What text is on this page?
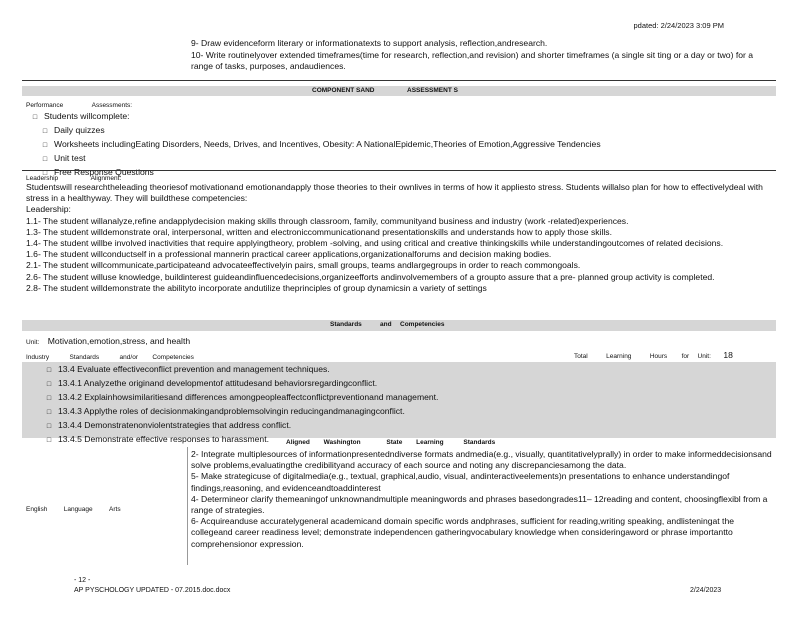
pdated: 2/24/2023 3:09 PM
9- Draw evidenceform literary or informationatexts to support analysis, reflection,andresearch.
10- Write routinelyover extended timeframes(time for research, reflection,and revision) and shorter timeframes (a single sit ting or a day or two) for a range of tasks, purposes, andaudiences.
COMPONENT SAND	ASSESSMENT S
Performance	Assessments:
□ Students willcomplete:
□ Daily quizzes
□ Worksheets includingEating Disorders, Needs, Drives, and Incentives, Obesity: A NationalEpidemic,Theories of Emotion,Aggressive Tendencies
□ Unit test
□ Free Response Questions
Leadership	Alignment:
Studentswill researchtheleading theoriesof motivationand emotionandapply those theories to their ownlives in terms of how it appliesto stress. Students willalso plan for how to effectivelydeal with stress in a healthyway. They will buildthese competencies:
Leadership:
1.1- The student willanalyze,refine andapplydecision making skills through classroom, family, communityand business and industry (work -related)experiences.
1.3- The student willdemonstrate oral, interpersonal, written and electroniccommunicationand presentationskills and understands how to apply those skills.
1.4- The student willbe involved inactivities that require applyingtheory, problem -solving, and using critical and creative thinkingskills while understandingoutcomes of related decisions.
1.6- The student willconductself in a professional mannerin practical career applications,organizationalforums and decision making bodies.
2.1- The student willcommunicate,participateand advocateeffectivelyin pairs, small groups, teams andlargegroups in order to reach commongoals.
2.6- The student willuse knowledge, buildinterest guideandinfluencedecisions,organizeefforts andinvolvemembers of a groupto assure that a pre- planned group activity is completed.
2.8- The student willdemonstrate the abilityto incorporate andutilize theprinciples of group dynamicsin a variety of settings
Standards	and Competencies
Unit: Motivation,emotion,stress, and health
Industry	Standards	and/or Competencies	Total	Learning	Hours for Unit: 18
□ 13.4 Evaluate effectiveconflict prevention and management techniques.
□ 13.4.1 Analyzethe originand developmentof attitudesand behaviorsregardingconflict.
□ 13.4.2 Explainhowsimilaritiesand differences amongpeopleaffectconflictpreventionand management.
□ 13.4.3 Applythe roles of decisionmakingandproblemsolvingin reducingandmanagingconflict.
□ 13.4.4 Demonstratenonviolentstrategies that address conflict.
□ 13.4.5 Demonstrate effective responses to harassment.	Aligned Washington	State Learning	Standards
English	Language	Arts
2- Integrate multiplesources of informationpresentedndiverse formats andmedia(e.g., visually, quantitativelyprally) in order to make informeddecisionsand solve problems,evaluatingthe credibilityand accuracy of each source and noting any discrepanciesamong the data.
5- Make strategicuse of digitalmedia(e.g., textual, graphical,audio, visual, andinteractiveelements)n presentations to enhance understandingof findings,reasoning, and evidenceandtoaddinterest
4- Determineor clarify themeaningof unknownandmultiple meaningwords and phrases basedongrades11– 12reading and content, choosingflexibl from a range of strategies.
6- Acquireanduse accuratelygeneral academicand domain specific words andphrases, sufficient for reading,writing speaking, andlisteningat the collegeand career readiness level; demonstrate independencen gatheringvocabulary knowledge when consideringaword or phrase importantto comprehensionor expression.
- 12 -
AP PYSCHOLOGY UPDATED - 07.2015.doc.docx	2/24/2023
